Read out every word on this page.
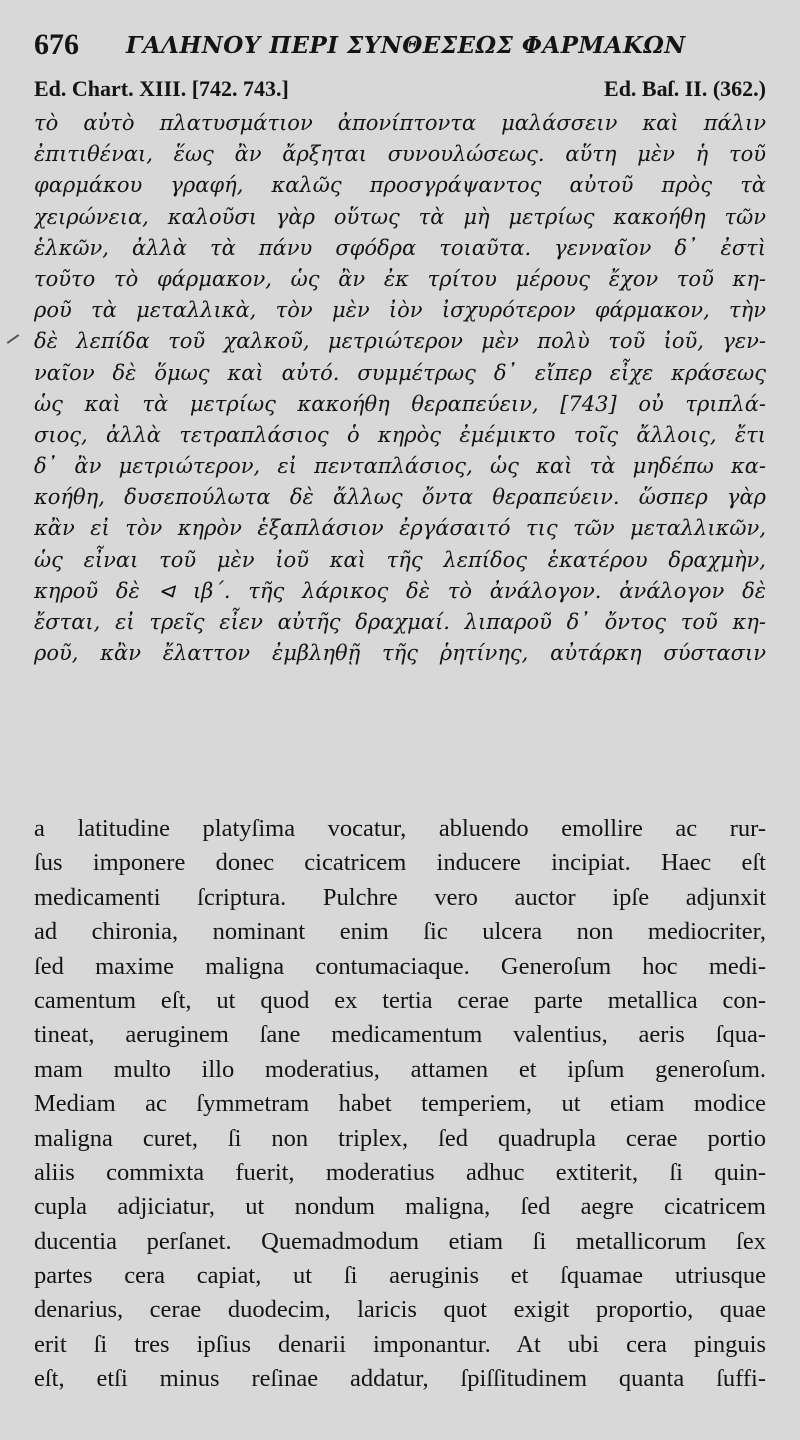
676 ΓΑΛΗΝΟΥ ΠΕΡΙ ΣΥΝΘΕΣΕΩΣ ΦΑΡΜΑΚΩΝ
Ed. Chart. XIII. [742. 743.]	Ed. Baſ. II. (362.)
τὸ αὐτὸ πλατυσμάτιον ἀπονίπτοντα μαλάσσειν καὶ πάλιν
ἐπιτιθέναι, ἕως ἂν ἄρξηται συνουλώσεως. αὕτη μὲν ἡ τοῦ
φαρμάκου γραφή, καλῶς προσγράψαντος αὐτοῦ πρὸς τὰ
χειρώνεια, καλοῦσι γὰρ οὕτως τὰ μὴ μετρίως κακοήθη τῶν
ἑλκῶν, ἀλλὰ τὰ πάνυ σφόδρα τοιαῦτα. γενναῖον δ᾽ ἐστὶ
τοῦτο τὸ φάρμακον, ὡς ἂν ἐκ τρίτου μέρους ἔχον τοῦ κη-
ροῦ τὰ μεταλλικὰ, τὸν μὲν ἰὸν ἰσχυρότερον φάρμακον, τὴν
δὲ λεπίδα τοῦ χαλκοῦ, μετριώτερον μὲν πολὺ τοῦ ἰοῦ, γεν-
ναῖον δὲ ὅμως καὶ αὐτό. συμμέτρως δ᾽ εἴπερ εἶχε κράσεως
ὡς καὶ τὰ μετρίως κακοήθη θεραπεύειν, [743] οὐ τριπλά-
σιος, ἀλλὰ τετραπλάσιος ὁ κηρὸς ἐμέμικτο τοῖς ἄλλοις, ἔτι
δ᾽ ἂν μετριώτερον, εἰ πενταπλάσιος, ὡς καὶ τὰ μηδέπω κα-
κοήθη, δυσεπούλωτα δὲ ἄλλως ὄντα θεραπεύειν. ὥσπερ γὰρ
κἂν εἰ τὸν κηρὸν ἑξαπλάσιον ἐργάσαιτό τις τῶν μεταλλικῶν,
ὡς εἶναι τοῦ μὲν ἰοῦ καὶ τῆς λεπίδος ἑκατέρου δραχμὴν,
κηροῦ δὲ ⊲ ιβ΄. τῆς λάρικος δὲ τὸ ἀνάλογον. ἀνάλογον δὲ
ἔσται, εἰ τρεῖς εἶεν αὐτῆς δραχμαί. λιπαροῦ δ᾽ ὄντος τοῦ κη-
ροῦ, κἂν ἔλαττον ἐμβληθῇ τῆς ῥητίνης, αὐτάρκη σύστασιν
a latitudine platyſima vocatur, abluendo emollire ac rur-
ſus imponere donec cicatricem inducere incipiat. Haec eſt
medicamenti ſcriptura. Pulchre vero auctor ipſe adjunxit
ad chironia, nominant enim ſic ulcera non mediocriter,
ſed maxime maligna contumaciaque. Generoſum hoc medi-
camentum eſt, ut quod ex tertia cerae parte metallica con-
tineat, aeruginem ſane medicamentum valentius, aeris ſqua-
mam multo illo moderatius, attamen et ipſum generoſum.
Mediam ac ſymmetram habet temperiem, ut etiam modice
maligna curet, ſi non triplex, ſed quadrupla cerae portio
aliis commixta fuerit, moderatius adhuc extiterit, ſi quin-
cupla adjiciatur, ut nondum maligna, ſed aegre cicatricem
ducentia perſanet. Quemadmodum etiam ſi metallicorum ſex
partes cera capiat, ut ſi aeruginis et ſquamae utriusque
denarius, cerae duodecim, laricis quot exigit proportio, quae
erit ſi tres ipſius denarii imponantur. At ubi cera pinguis
eſt, etſi minus reſinae addatur, ſpiſſitudinem quanta ſuffi-
